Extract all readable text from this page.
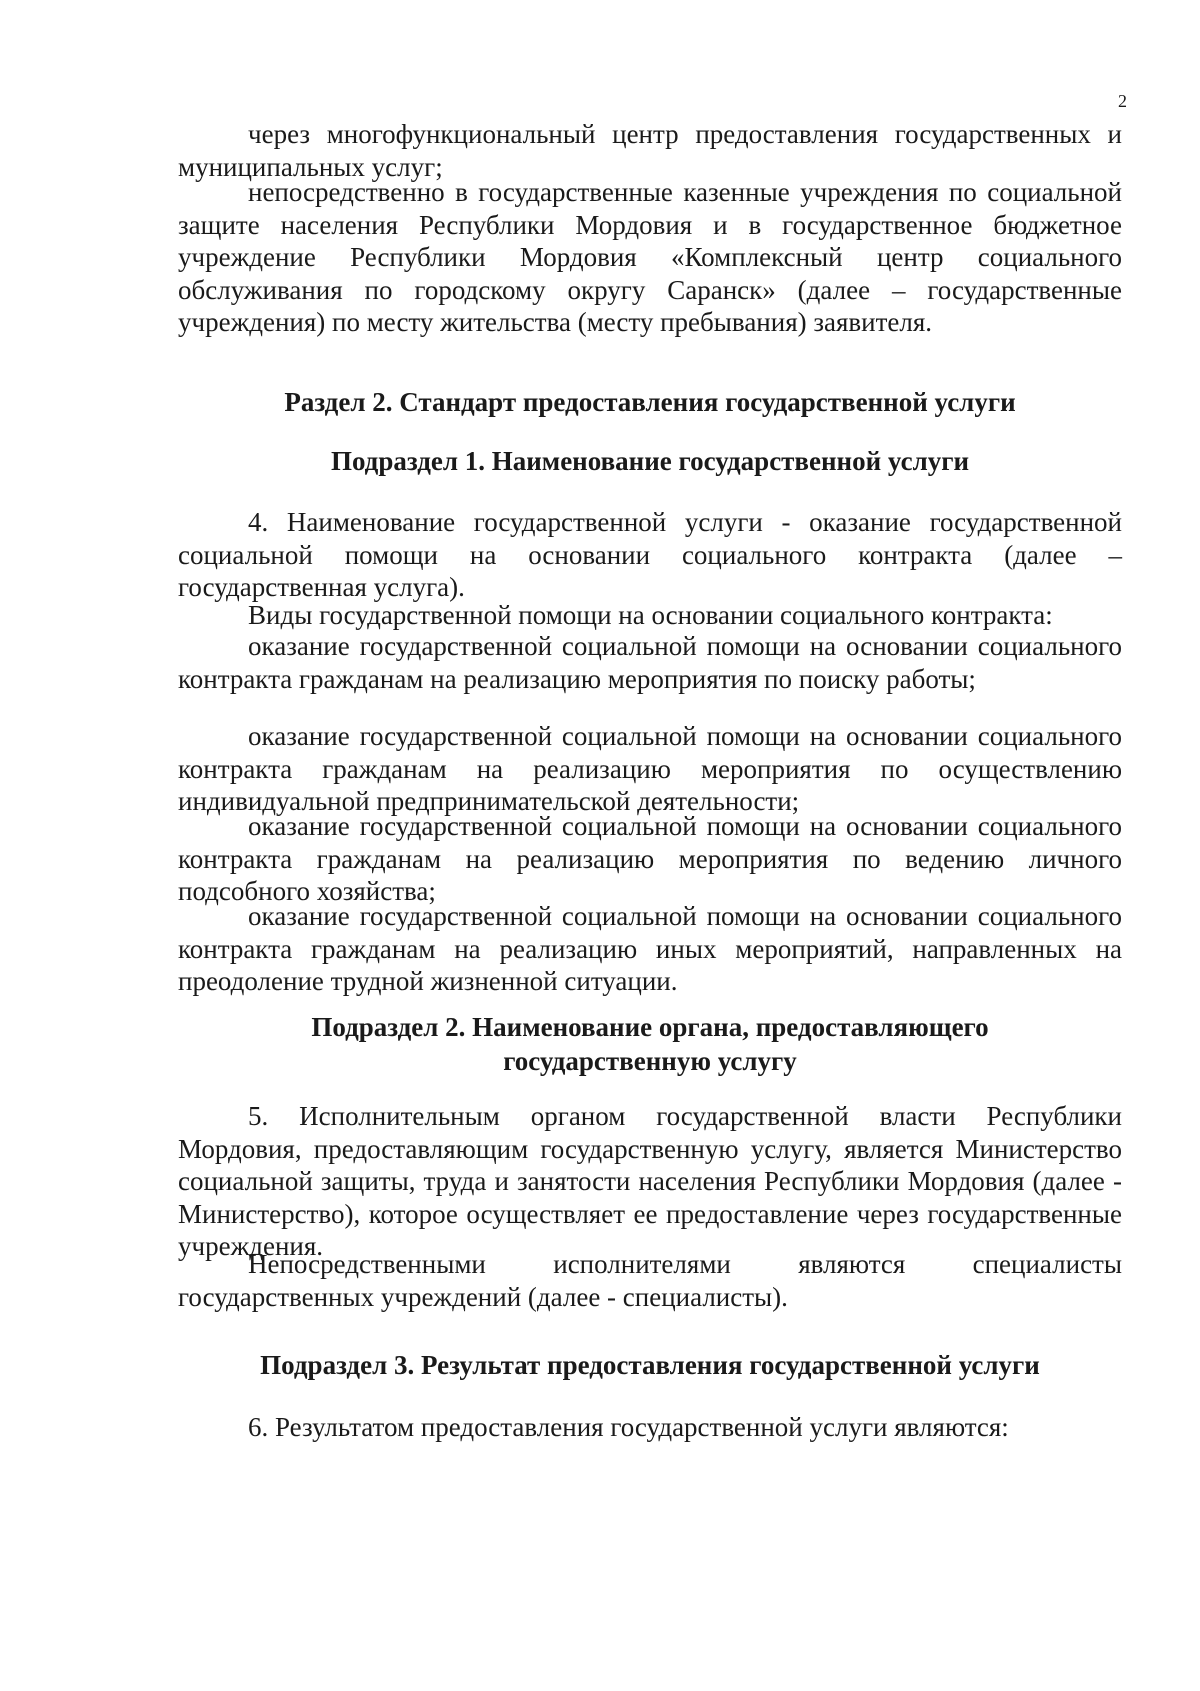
2

через многофункциональный центр предоставления государственных и муниципальных услуг;

непосредственно в государственные казенные учреждения по социальной защите населения Республики Мордовия и в государственное бюджетное учреждение Республики Мордовия «Комплексный центр социального обслуживания по городскому округу Саранск» (далее – государственные учреждения) по месту жительства (месту пребывания) заявителя.

Раздел 2. Стандарт предоставления государственной услуги
Подраздел 1. Наименование государственной услуги

4. Наименование государственной услуги - оказание государственной социальной помощи на основании социального контракта (далее – государственная услуга).

Виды государственной помощи на основании социального контракта:

оказание государственной социальной помощи на основании социального контракта гражданам на реализацию мероприятия по поиску работы;

оказание государственной социальной помощи на основании социального контракта гражданам на реализацию мероприятия по осуществлению индивидуальной предпринимательской деятельности;

оказание государственной социальной помощи на основании социального контракта гражданам на реализацию мероприятия по ведению личного подсобного хозяйства;

оказание государственной социальной помощи на основании социального контракта гражданам на реализацию иных мероприятий, направленных на преодоление трудной жизненной ситуации.

Подраздел 2. Наименование органа, предоставляющего
государственную услугу

5. Исполнительным органом государственной власти Республики Мордовия, предоставляющим государственную услугу, является Министерство социальной защиты, труда и занятости населения Республики Мордовия (далее - Министерство), которое осуществляет ее предоставление через государственные учреждения.

Непосредственными исполнителями являются специалисты государственных учреждений (далее - специалисты).

Подраздел 3. Результат предоставления государственной услуги

6. Результатом предоставления государственной услуги являются:
